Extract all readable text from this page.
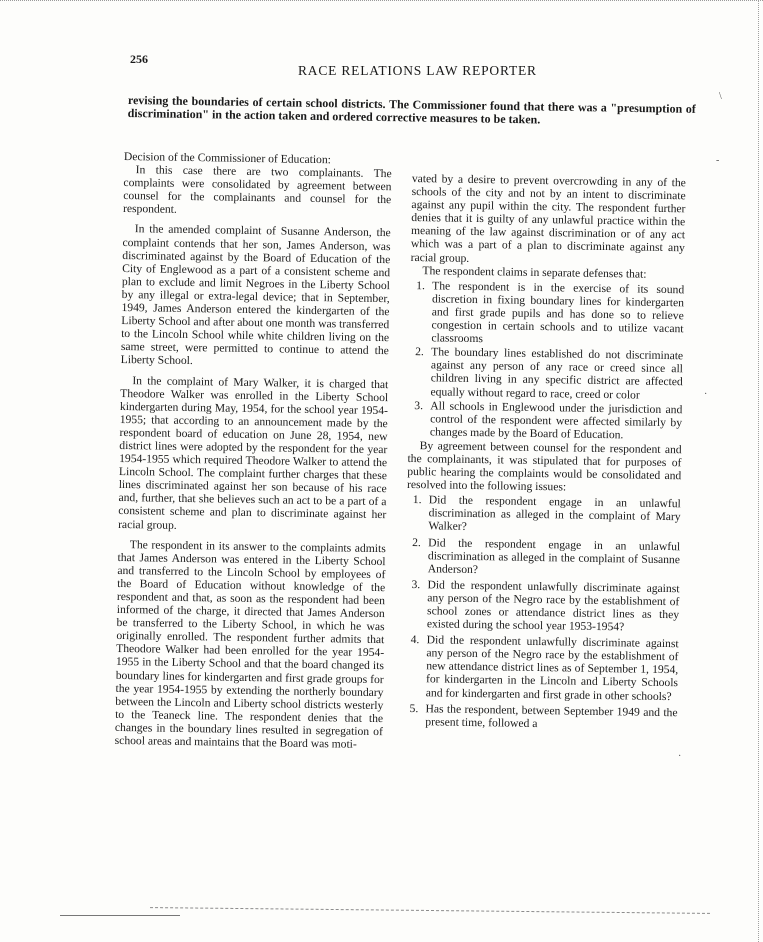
\
-
·
·
256
RACE RELATIONS LAW REPORTER
revising the boundaries of certain school districts. The Commissioner found that there was a "presumption of discrimination" in the action taken and ordered corrective measures to be taken.

Decision of the Commissioner of Education:

In this case there are two complainants. The complaints were consolidated by agreement between counsel for the complainants and counsel for the respondent.

In the amended complaint of Susanne Anderson, the complaint contends that her son, James Anderson, was discriminated against by the Board of Education of the City of Englewood as a part of a consistent scheme and plan to exclude and limit Negroes in the Liberty School by any illegal or extra-legal device; that in September, 1949, James Anderson entered the kindergarten of the Liberty School and after about one month was transferred to the Lincoln School while white children living on the same street, were permitted to continue to attend the Liberty School.

In the complaint of Mary Walker, it is charged that Theodore Walker was enrolled in the Liberty School kindergarten during May, 1954, for the school year 1954-1955; that according to an announcement made by the respondent board of education on June 28, 1954, new district lines were adopted by the respondent for the year 1954-1955 which required Theodore Walker to attend the Lincoln School. The complaint further charges that these lines discriminated against her son because of his race and, further, that she believes such an act to be a part of a consistent scheme and plan to discriminate against her racial group.

The respondent in its answer to the complaints admits that James Anderson was entered in the Liberty School and transferred to the Lincoln School by employees of the Board of Education without knowledge of the respondent and that, as soon as the respondent had been informed of the charge, it directed that James Anderson be transferred to the Liberty School, in which he was originally enrolled. The respondent further admits that Theodore Walker had been enrolled for the year 1954-1955 in the Liberty School and that the board changed its boundary lines for kindergarten and first grade groups for the year 1954-1955 by extending the northerly boundary between the Lincoln and Liberty school districts westerly to the Teaneck line. The respondent denies that the changes in the boundary lines resulted in segregation of school areas and maintains that the Board was moti-

vated by a desire to prevent overcrowding in any of the schools of the city and not by an intent to discriminate against any pupil within the city. The respondent further denies that it is guilty of any unlawful practice within the meaning of the law against discrimination or of any act which was a part of a plan to discriminate against any racial group.

The respondent claims in separate defenses that:

1. The respondent is in the exercise of its sound discretion in fixing boundary lines for kindergarten and first grade pupils and has done so to relieve congestion in certain schools and to utilize vacant classrooms
2. The boundary lines established do not discriminate against any person of any race or creed since all children living in any specific district are affected equally without regard to race, creed or color
3. All schools in Englewood under the jurisdiction and control of the respondent were affected similarly by changes made by the Board of Education.

By agreement between counsel for the respondent and the complainants, it was stipulated that for purposes of public hearing the complaints would be consolidated and resolved into the following issues:

1. Did the respondent engage in an unlawful discrimination as alleged in the complaint of Mary Walker?
2. Did the respondent engage in an unlawful discrimination as alleged in the complaint of Susanne Anderson?
3. Did the respondent unlawfully discriminate against any person of the Negro race by the establishment of school zones or attendance district lines as they existed during the school year 1953-1954?
4. Did the respondent unlawfully discriminate against any person of the Negro race by the establishment of new attendance district lines as of September 1, 1954, for kindergarten in the Lincoln and Liberty Schools and for kindergarten and first grade in other schools?
5. Has the respondent, between September 1949 and the present time, followed a
